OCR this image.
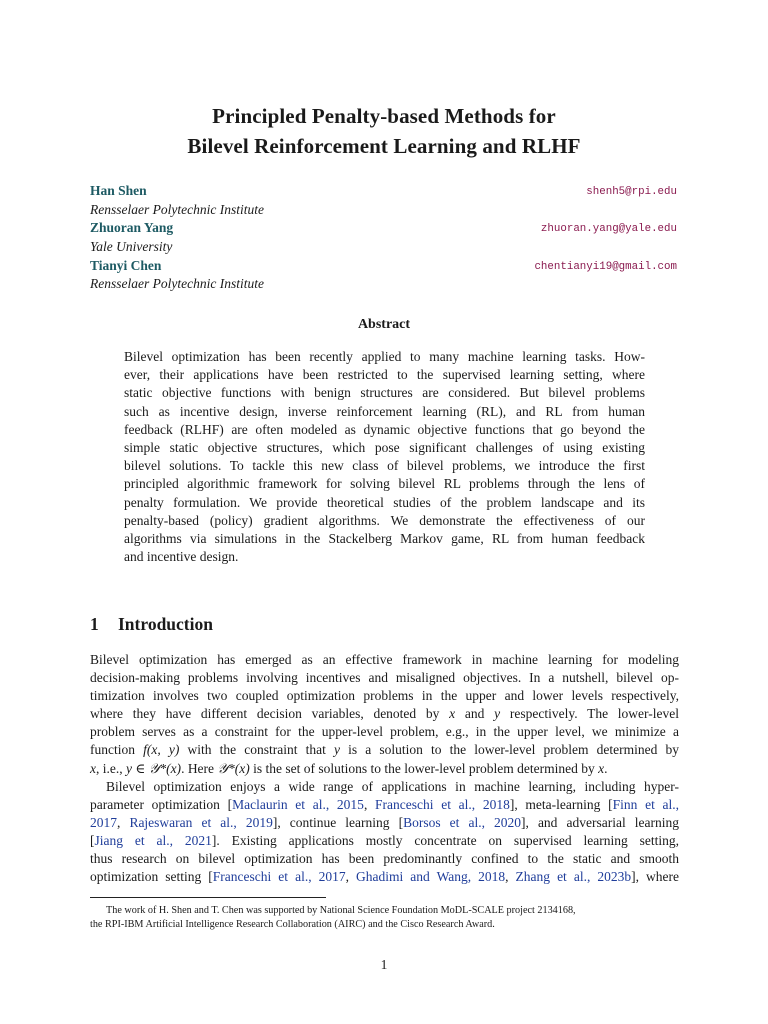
Principled Penalty-based Methods for
Bilevel Reinforcement Learning and RLHF
Han Shen	shenh5@rpi.edu
Rensselaer Polytechnic Institute
Zhuoran Yang	zhuoran.yang@yale.edu
Yale University
Tianyi Chen	chentianyi19@gmail.com
Rensselaer Polytechnic Institute
Abstract
Bilevel optimization has been recently applied to many machine learning tasks. How-
ever, their applications have been restricted to the supervised learning setting, where
static objective functions with benign structures are considered. But bilevel problems
such as incentive design, inverse reinforcement learning (RL), and RL from human
feedback (RLHF) are often modeled as dynamic objective functions that go beyond the
simple static objective structures, which pose significant challenges of using existing
bilevel solutions. To tackle this new class of bilevel problems, we introduce the first
principled algorithmic framework for solving bilevel RL problems through the lens of
penalty formulation. We provide theoretical studies of the problem landscape and its
penalty-based (policy) gradient algorithms. We demonstrate the effectiveness of our
algorithms via simulations in the Stackelberg Markov game, RL from human feedback
and incentive design.
1 Introduction
Bilevel optimization has emerged as an effective framework in machine learning for modeling
decision-making problems involving incentives and misaligned objectives. In a nutshell, bilevel op-
timization involves two coupled optimization problems in the upper and lower levels respectively,
where they have different decision variables, denoted by x and y respectively. The lower-level
problem serves as a constraint for the upper-level problem, e.g., in the upper level, we minimize a
function f(x, y) with the constraint that y is a solution to the lower-level problem determined by
x, i.e., y ∈ 𝒴*(x). Here 𝒴*(x) is the set of solutions to the lower-level problem determined by x.
Bilevel optimization enjoys a wide range of applications in machine learning, including hyper-
parameter optimization [Maclaurin et al., 2015, Franceschi et al., 2018], meta-learning [Finn et al.,
2017, Rajeswaran et al., 2019], continue learning [Borsos et al., 2020], and adversarial learning
[Jiang et al., 2021]. Existing applications mostly concentrate on supervised learning setting,
thus research on bilevel optimization has been predominantly confined to the static and smooth
optimization setting [Franceschi et al., 2017, Ghadimi and Wang, 2018, Zhang et al., 2023b], where
The work of H. Shen and T. Chen was supported by National Science Foundation MoDL-SCALE project 2134168,
the RPI-IBM Artificial Intelligence Research Collaboration (AIRC) and the Cisco Research Award.
1
